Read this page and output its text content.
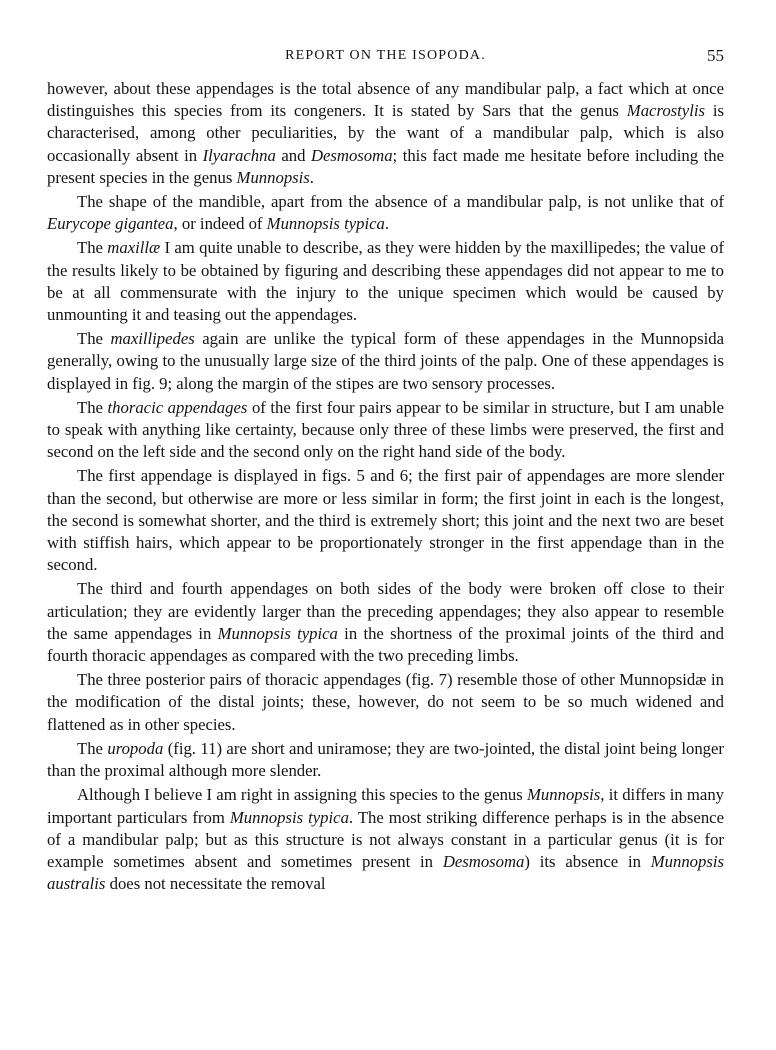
REPORT ON THE ISOPODA.	55

however, about these appendages is the total absence of any mandibular palp, a fact which at once distinguishes this species from its congeners. It is stated by Sars that the genus Macrostylis is characterised, among other peculiarities, by the want of a mandibular palp, which is also occasionally absent in Ilyarachna and Desmosoma; this fact made me hesitate before including the present species in the genus Munnopsis.

The shape of the mandible, apart from the absence of a mandibular palp, is not unlike that of Eurycope gigantea, or indeed of Munnopsis typica.

The maxillæ I am quite unable to describe, as they were hidden by the maxillipedes; the value of the results likely to be obtained by figuring and describing these appendages did not appear to me to be at all commensurate with the injury to the unique specimen which would be caused by unmounting it and teasing out the appendages.

The maxillipedes again are unlike the typical form of these appendages in the Munnopsida generally, owing to the unusually large size of the third joints of the palp. One of these appendages is displayed in fig. 9; along the margin of the stipes are two sensory processes.

The thoracic appendages of the first four pairs appear to be similar in structure, but I am unable to speak with anything like certainty, because only three of these limbs were preserved, the first and second on the left side and the second only on the right hand side of the body.

The first appendage is displayed in figs. 5 and 6; the first pair of appendages are more slender than the second, but otherwise are more or less similar in form; the first joint in each is the longest, the second is somewhat shorter, and the third is extremely short; this joint and the next two are beset with stiffish hairs, which appear to be proportionately stronger in the first appendage than in the second.

The third and fourth appendages on both sides of the body were broken off close to their articulation; they are evidently larger than the preceding appendages; they also appear to resemble the same appendages in Munnopsis typica in the shortness of the proximal joints of the third and fourth thoracic appendages as compared with the two preceding limbs.

The three posterior pairs of thoracic appendages (fig. 7) resemble those of other Munnopsidæ in the modification of the distal joints; these, however, do not seem to be so much widened and flattened as in other species.

The uropoda (fig. 11) are short and uniramose; they are two-jointed, the distal joint being longer than the proximal although more slender.

Although I believe I am right in assigning this species to the genus Munnopsis, it differs in many important particulars from Munnopsis typica. The most striking difference perhaps is in the absence of a mandibular palp; but as this structure is not always constant in a particular genus (it is for example sometimes absent and sometimes present in Desmosoma) its absence in Munnopsis australis does not necessitate the removal
